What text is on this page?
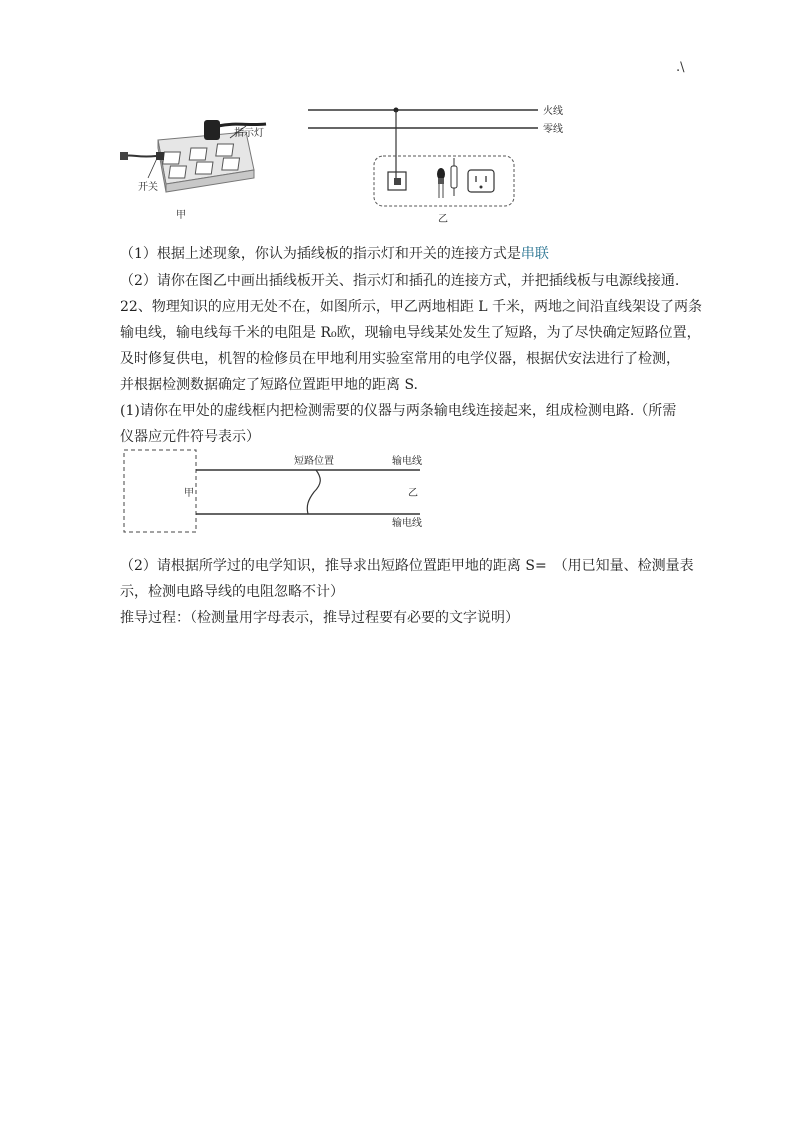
.\
指示灯
开关
甲
火线
零线
乙
（1）根据上述现象，你认为插线板的指示灯和开关的连接方式是串联
（2）请你在图乙中画出插线板开关、指示灯和插孔的连接方式，并把插线板与电源线接通.
22、物理知识的应用无处不在，如图所示，甲乙两地相距 L 千米，两地之间沿直线架设了两条
输电线，输电线每千米的电阻是 R₀欧，现输电导线某处发生了短路，为了尽快确定短路位置，
及时修复供电，机智的检修员在甲地利用实验室常用的电学仪器，根据伏安法进行了检测，
并根据检测数据确定了短路位置距甲地的距离 S.
(1)请你在甲处的虚线框内把检测需要的仪器与两条输电线连接起来，组成检测电路.（所需
仪器应元件符号表示）
短路位置	输电线
输电线
甲	乙
（2）请根据所学过的电学知识，推导求出短路位置距甲地的距离 S=　（用已知量、检测量表
示，检测电路导线的电阻忽略不计）
推导过程：（检测量用字母表示，推导过程要有必要的文字说明）
